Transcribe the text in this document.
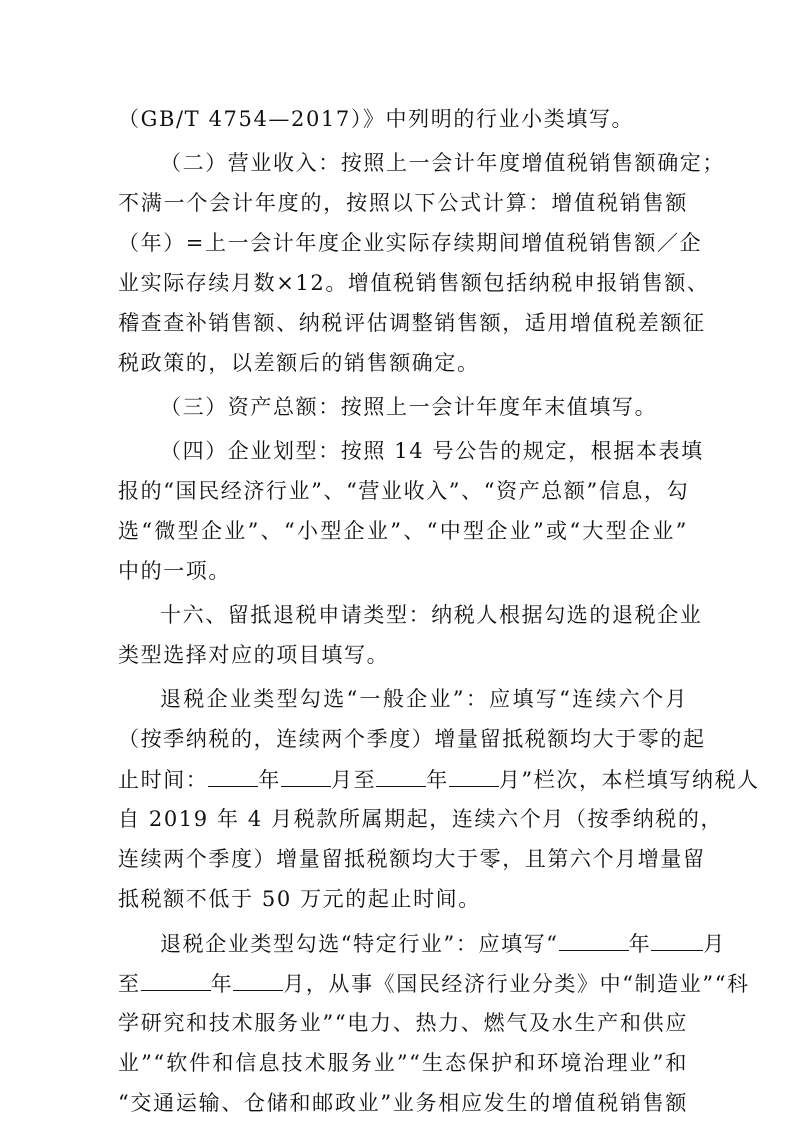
（GB/T 4754—2017）》中列明的行业小类填写。
（二）营业收入：按照上一会计年度增值税销售额确定；
不满一个会计年度的，按照以下公式计算：增值税销售额
（年）=上一会计年度企业实际存续期间增值税销售额／企
业实际存续月数×12。增值税销售额包括纳税申报销售额、
稽查查补销售额、纳税评估调整销售额，适用增值税差额征
税政策的，以差额后的销售额确定。
（三）资产总额：按照上一会计年度年末值填写。
（四）企业划型：按照 14 号公告的规定，根据本表填
报的“国民经济行业”、“营业收入”、“资产总额”信息，勾
选“微型企业”、“小型企业”、“中型企业”或“大型企业”
中的一项。
十六、留抵退税申请类型：纳税人根据勾选的退税企业
类型选择对应的项目填写。
退税企业类型勾选“一般企业”：应填写“连续六个月
（按季纳税的，连续两个季度）增量留抵税额均大于零的起
止时间： 年 月至 年 月”栏次，本栏填写纳税人
自 2019 年 4 月税款所属期起，连续六个月（按季纳税的，
连续两个季度）增量留抵税额均大于零，且第六个月增量留
抵税额不低于 50 万元的起止时间。
退税企业类型勾选“特定行业”：应填写“	年 月
至	年 月，从事《国民经济行业分类》中“制造业”“科
学研究和技术服务业”“电力、热力、燃气及水生产和供应
业”“软件和信息技术服务业”“生态保护和环境治理业”和
“交通运输、仓储和邮政业”业务相应发生的增值税销售额
